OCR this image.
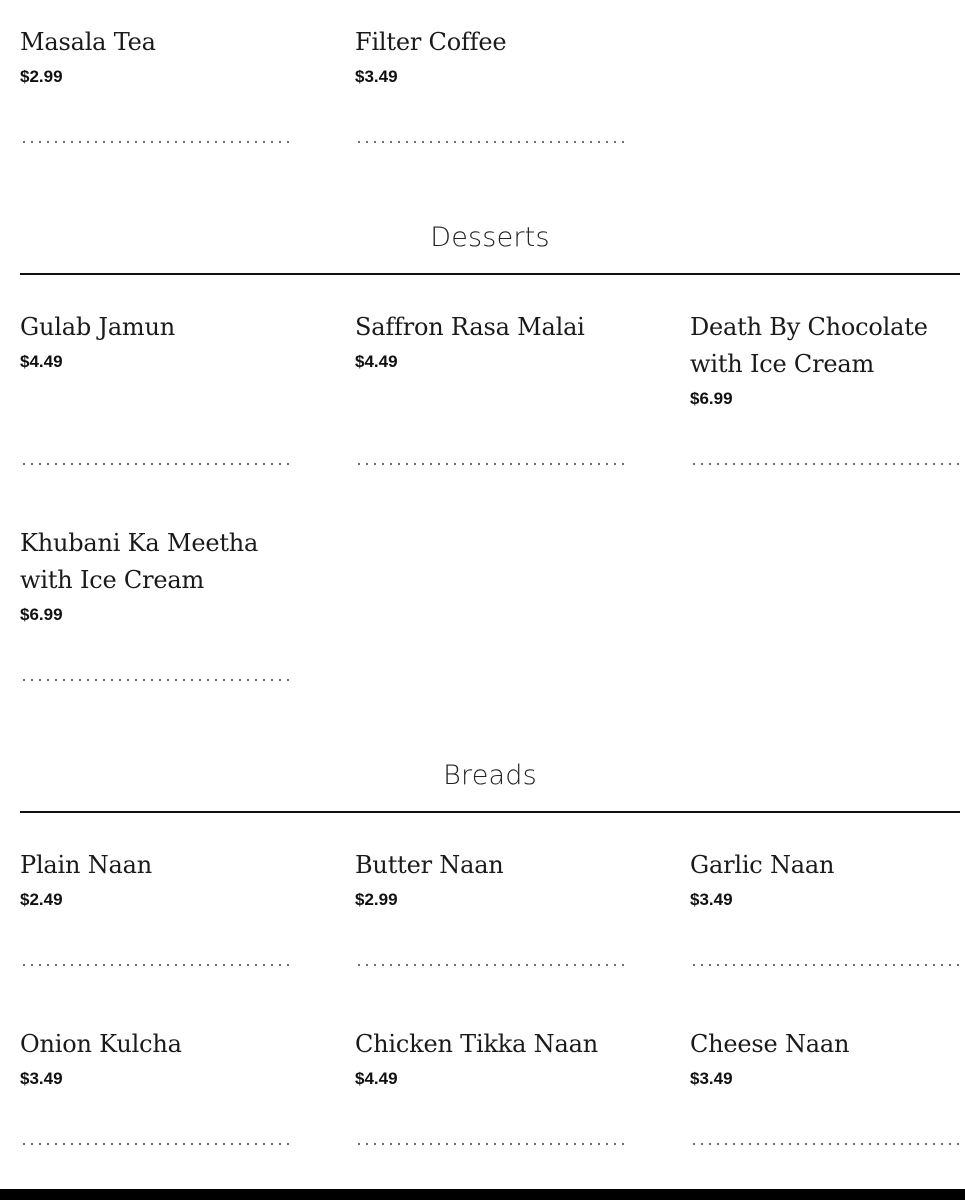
Masala Tea
$2.99
Filter Coffee
$3.49
Desserts
Gulab Jamun
$4.49
Saffron Rasa Malai
$4.49
Death By Chocolate with Ice Cream
$6.99
Khubani Ka Meetha with Ice Cream
$6.99
Breads
Plain Naan
$2.49
Butter Naan
$2.99
Garlic Naan
$3.49
Onion Kulcha
$3.49
Chicken Tikka Naan
$4.49
Cheese Naan
$3.49
